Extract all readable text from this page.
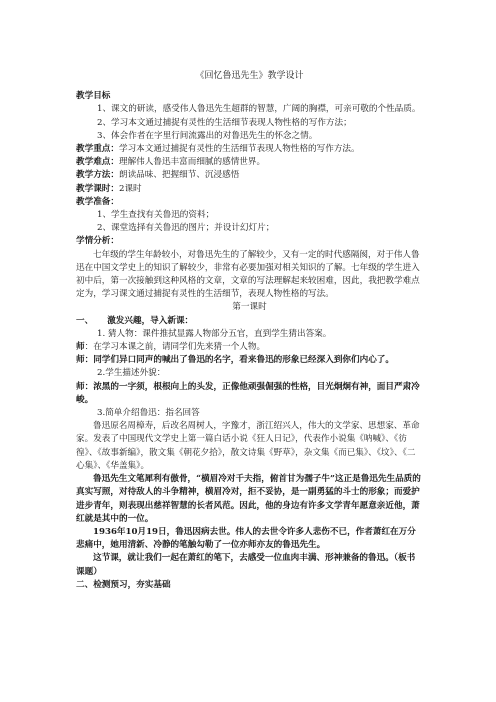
《回忆鲁迅先生》教学设计

教学目标

1、课文的研读，感受伟人鲁迅先生超群的智慧，广阔的胸襟，可亲可敬的个性品质。

2、学习本文通过捕捉有灵性的生活细节表现人物性格的写作方法；

3、体会作者在字里行间流露出的对鲁迅先生的怀念之情。

教学重点：学习本文通过捕捉有灵性的生活细节表现人物性格的写作方法。

教学难点：理解伟人鲁迅丰富而细腻的感情世界。

教学方法：朗读品味、把握细节、沉浸感悟

教学课时：2课时

教学准备：

1、学生查找有关鲁迅的资料；

2、课堂选择有关鲁迅的图片；并设计幻灯片；

学情分析：

七年级的学生年龄较小，对鲁迅先生的了解较少，又有一定的时代感隔阂，对于伟人鲁迅在中国文学史上的知识了解较少，非常有必要加强对相关知识的了解。七年级的学生进入初中后，第一次接触到这种风格的文章，文章的写法理解起来较困难，因此，我把教学难点定为，学习课文通过捕捉有灵性的生活细节，表现人物性格的写法。

第一课时

一、 激发兴趣，导入新课：

1. 猜人物：课件推拭显露人物部分五官，直到学生猜出答案。

师：在学习本课之前，请同学们先来猜一个人物。

师：同学们异口同声的喊出了鲁迅的名字，看来鲁迅的形象已经深入到你们内心了。

2.学生描述外貌：

师：浓黑的一字须，根根向上的头发，正像他顽强倔强的性格，目光炯炯有神，面目严肃冷峻。

3.简单介绍鲁迅：指名回答

鲁迅原名周樟寿，后改名周树人，字豫才，浙江绍兴人，伟大的文学家、思想家、革命家。发表了中国现代文学史上第一篇白话小说《狂人日记》，代表作小说集《呐喊》、《彷徨》、《故事新编》，散文集《朝花夕拾》，散文诗集《野草》，杂文集《而已集》、《坟》、《二心集》、《华盖集》。

鲁迅先生文笔犀利有傲骨，“横眉冷对千夫指，俯首甘为孺子牛”这正是鲁迅先生品质的真实写照，对待敌人的斗争精神，横眉冷对，拒不妥协，是一副勇猛的斗士的形象；而爱护进步青年，则表现出慈祥智慧的长者风范。因此，他的身边有许多文学青年愿意亲近他，萧红就是其中的一位。

1936年10月19日，鲁迅因病去世。伟人的去世令许多人悲伤不已，作者萧红在万分悲痛中，她用清新、冷静的笔触勾勒了一位亦师亦友的鲁迅先生。

这节课，就让我们一起在萧红的笔下，去感受一位血肉丰满、形神兼备的鲁迅。（板书课题）

二、检测预习，夯实基础
